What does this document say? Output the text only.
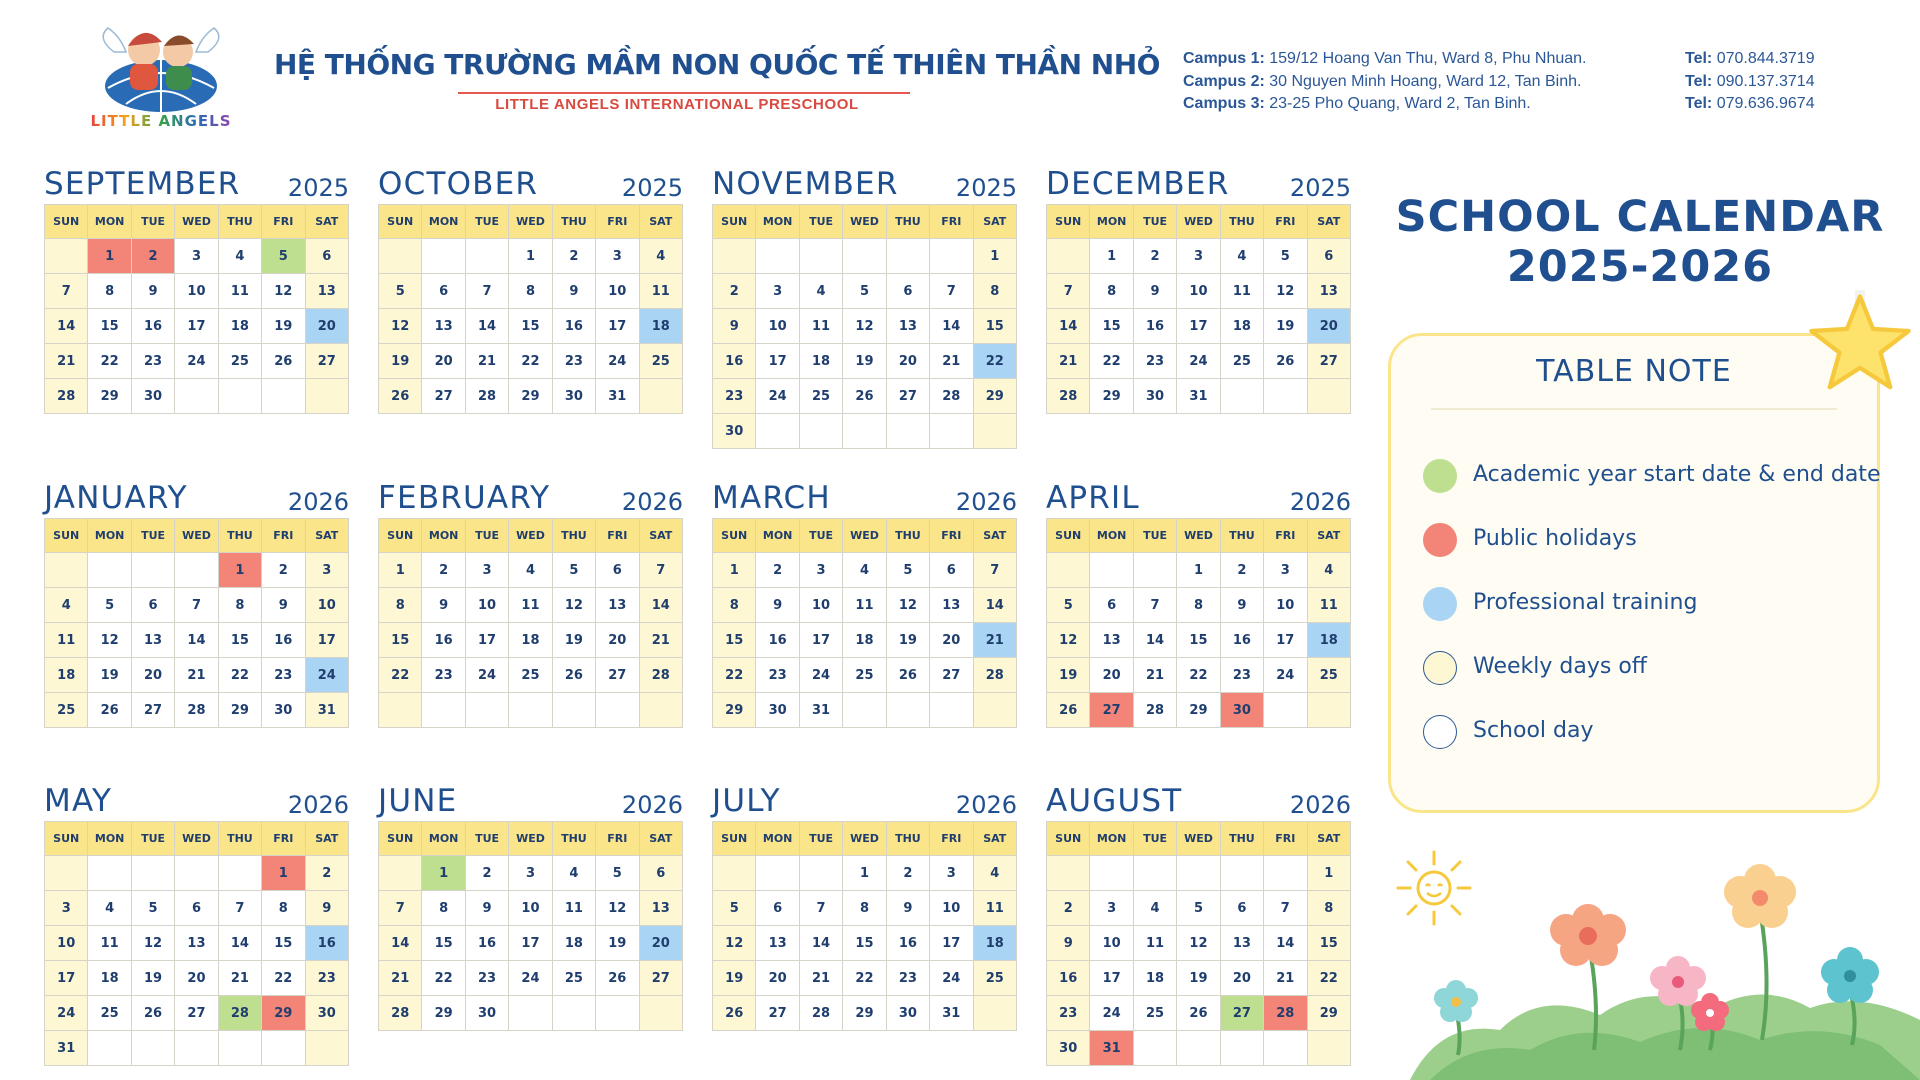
LITTLE ANGELS
HỆ THỐNG TRƯỜNG MẦM NON QUỐC TẾ THIÊN THẦN NHỎ
LITTLE ANGELS INTERNATIONAL PRESCHOOL
Campus 1: 159/12 Hoang Van Thu, Ward 8, Phu Nhuan.
Campus 2: 30 Nguyen Minh Hoang, Ward 12, Tan Binh.
Campus 3: 23-25 Pho Quang, Ward 2, Tan Binh.
Tel: 070.844.3719
Tel: 090.137.3714
Tel: 079.636.9674
SEPTEMBER 2025
SUN	MON	TUE	WED	THU	FRI	SAT
	1	2	3	4	5	6
7	8	9	10	11	12	13
14	15	16	17	18	19	20
21	22	23	24	25	26	27
28	29	30				
OCTOBER	2025
SUN	MON	TUE	WED	THU	FRI	SAT
			1	2	3	4
5	6	7	8	9	10	11
12	13	14	15	16	17	18
19	20	21	22	23	24	25
26	27	28	29	30	31	
NOVEMBER 2025
SUN	MON	TUE	WED	THU	FRI	SAT
						1
2	3	4	5	6	7	8
9	10	11	12	13	14	15
16	17	18	19	20	21	22
23	24	25	26	27	28	29
30						
DECEMBER	2025
SUN	MON	TUE	WED	THU	FRI	SAT
	1	2	3	4	5	6
7	8	9	10	11	12	13
14	15	16	17	18	19	20
21	22	23	24	25	26	27
28	29	30	31			
JANUARY	2026
SUN	MON	TUE	WED	THU	FRI	SAT
				1	2	3
4	5	6	7	8	9	10
11	12	13	14	15	16	17
18	19	20	21	22	23	24
25	26	27	28	29	30	31
FEBRUARY	2026
SUN	MON	TUE	WED	THU	FRI	SAT
1	2	3	4	5	6	7
8	9	10	11	12	13	14
15	16	17	18	19	20	21
22	23	24	25	26	27	28

MARCH	2026
SUN	MON	TUE	WED	THU	FRI	SAT
1	2	3	4	5	6	7
8	9	10	11	12	13	14
15	16	17	18	19	20	21
22	23	24	25	26	27	28
29	30	31				
APRIL	2026
SUN	MON	TUE	WED	THU	FRI	SAT
			1	2	3	4
5	6	7	8	9	10	11
12	13	14	15	16	17	18
19	20	21	22	23	24	25
26	27	28	29	30		
MAY	2026
SUN	MON	TUE	WED	THU	FRI	SAT
					1	2
3	4	5	6	7	8	9
10	11	12	13	14	15	16
17	18	19	20	21	22	23
24	25	26	27	28	29	30
31						
JUNE	2026
SUN	MON	TUE	WED	THU	FRI	SAT
	1	2	3	4	5	6
7	8	9	10	11	12	13
14	15	16	17	18	19	20
21	22	23	24	25	26	27
28	29	30				
JULY	2026
SUN	MON	TUE	WED	THU	FRI	SAT
			1	2	3	4
5	6	7	8	9	10	11
12	13	14	15	16	17	18
19	20	21	22	23	24	25
26	27	28	29	30	31	
AUGUST	2026
SUN	MON	TUE	WED	THU	FRI	SAT
						1
2	3	4	5	6	7	8
9	10	11	12	13	14	15
16	17	18	19	20	21	22
23	24	25	26	27	28	29
30	31					
SCHOOL CALENDAR
2025-2026
TABLE NOTE
Academic year start date & end date
Public holidays
Professional training
Weekly days off
School day
